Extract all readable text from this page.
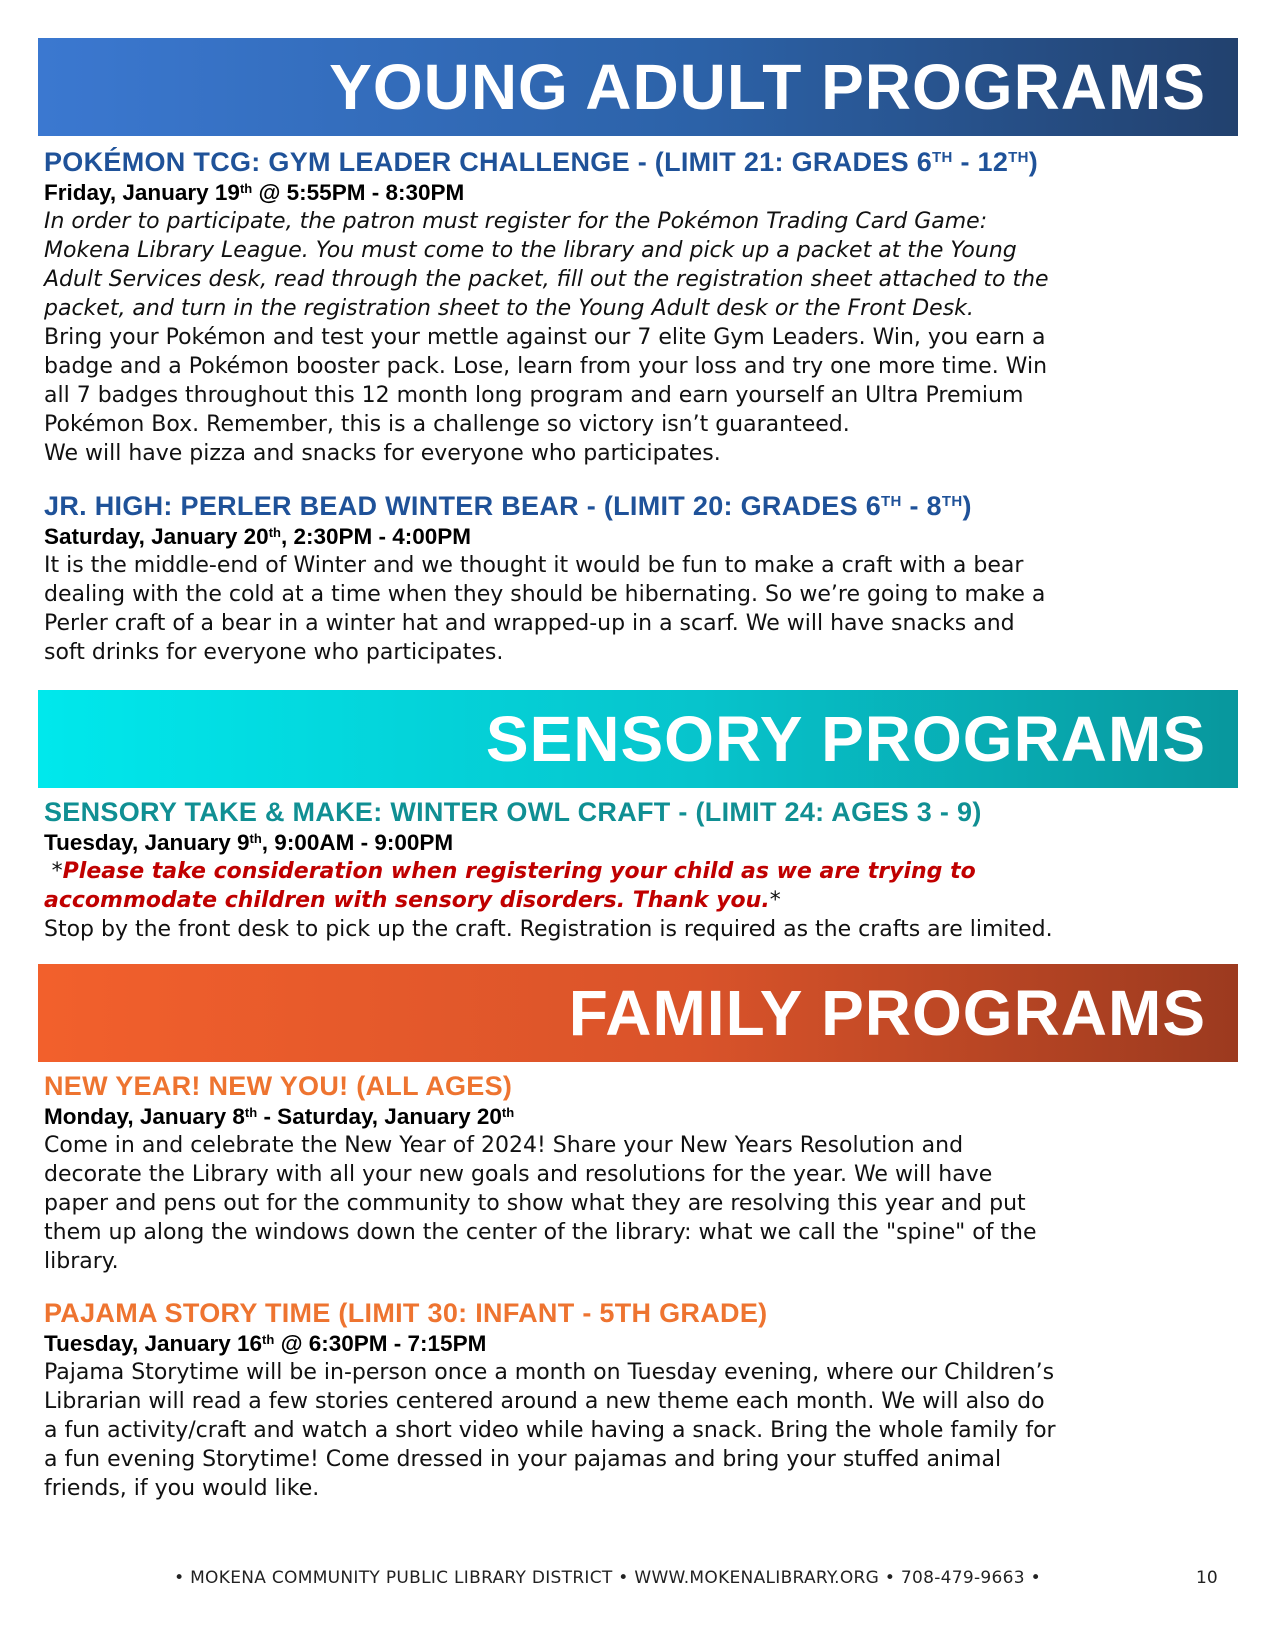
YOUNG ADULT PROGRAMS

POKÉMON TCG: GYM LEADER CHALLENGE - (LIMIT 21: GRADES 6TH - 12TH)

Friday, January 19th @ 5:55PM - 8:30PM

In order to participate, the patron must register for the Pokémon Trading Card Game:
Mokena Library League. You must come to the library and pick up a packet at the Young
Adult Services desk, read through the packet, fill out the registration sheet attached to the
packet, and turn in the registration sheet to the Young Adult desk or the Front Desk.

Bring your Pokémon and test your mettle against our 7 elite Gym Leaders. Win, you earn a
badge and a Pokémon booster pack. Lose, learn from your loss and try one more time. Win
all 7 badges throughout this 12 month long program and earn yourself an Ultra Premium
Pokémon Box. Remember, this is a challenge so victory isn’t guaranteed.
We will have pizza and snacks for everyone who participates.

JR. HIGH: PERLER BEAD WINTER BEAR - (LIMIT 20: GRADES 6TH - 8TH)

Saturday, January 20th, 2:30PM - 4:00PM

It is the middle-end of Winter and we thought it would be fun to make a craft with a bear
dealing with the cold at a time when they should be hibernating. So we’re going to make a
Perler craft of a bear in a winter hat and wrapped-up in a scarf. We will have snacks and
soft drinks for everyone who participates.

SENSORY PROGRAMS

SENSORY TAKE & MAKE: WINTER OWL CRAFT - (LIMIT 24: AGES 3 - 9)

Tuesday, January 9th, 9:00AM - 9:00PM

*Please take consideration when registering your child as we are trying to
accommodate children with sensory disorders. Thank you.*

Stop by the front desk to pick up the craft. Registration is required as the crafts are limited.

FAMILY PROGRAMS

NEW YEAR! NEW YOU! (ALL AGES)

Monday, January 8th - Saturday, January 20th

Come in and celebrate the New Year of 2024! Share your New Years Resolution and
decorate the Library with all your new goals and resolutions for the year. We will have
paper and pens out for the community to show what they are resolving this year and put
them up along the windows down the center of the library: what we call the "spine" of the
library.

PAJAMA STORY TIME (LIMIT 30: INFANT - 5TH GRADE)

Tuesday, January 16th @ 6:30PM - 7:15PM

Pajama Storytime will be in-person once a month on Tuesday evening, where our Children’s
Librarian will read a few stories centered around a new theme each month. We will also do
a fun activity/craft and watch a short video while having a snack. Bring the whole family for
a fun evening Storytime! Come dressed in your pajamas and bring your stuffed animal
friends, if you would like.

• MOKENA COMMUNITY PUBLIC LIBRARY DISTRICT • WWW.MOKENALIBRARY.ORG • 708-479-9663 •	10
